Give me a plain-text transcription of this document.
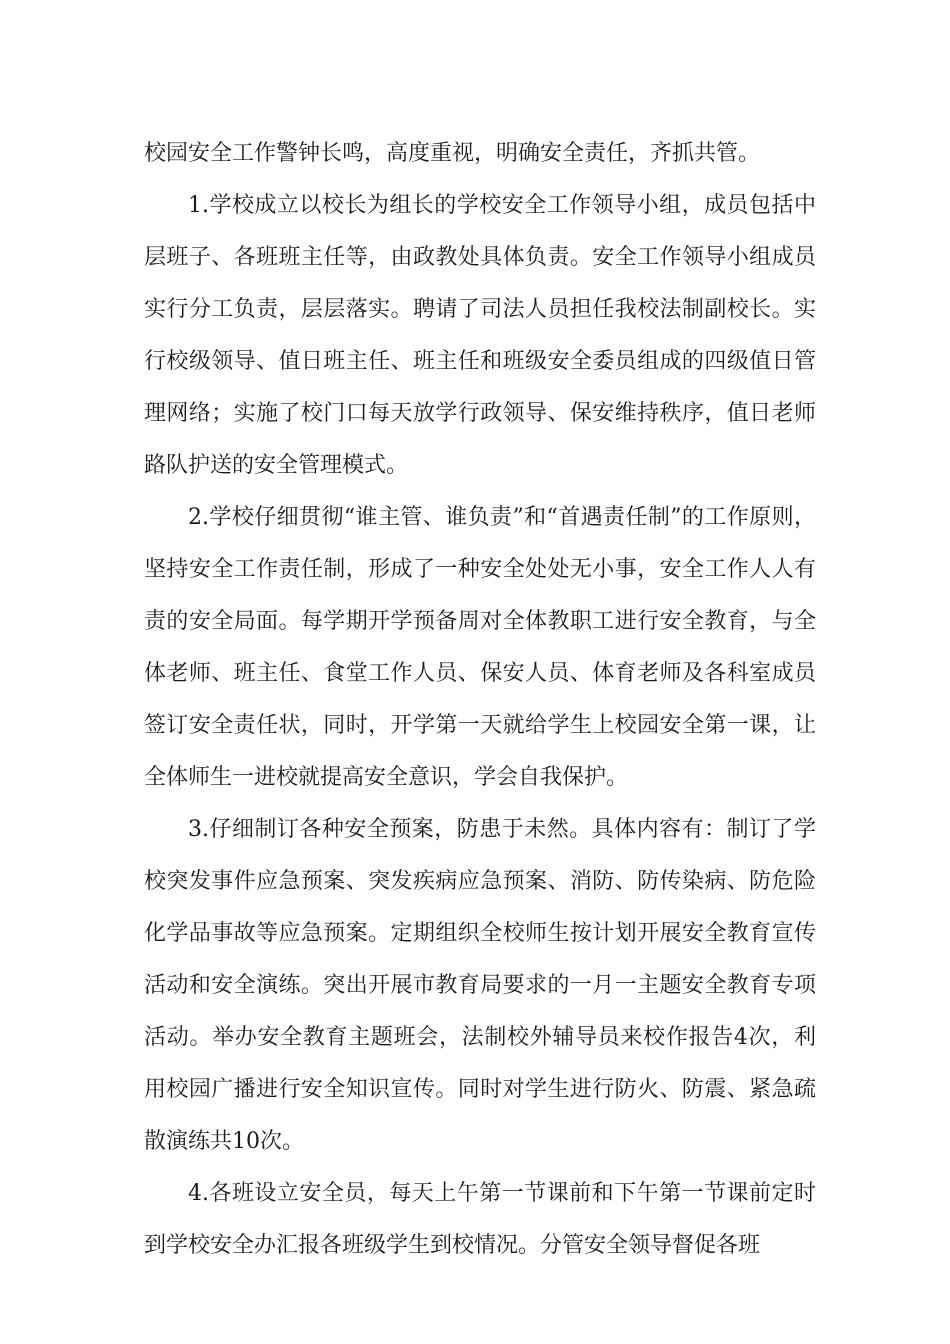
校园安全工作警钟长鸣，高度重视，明确安全责任，齐抓共管。

1.学校成立以校长为组长的学校安全工作领导小组，成员包括中层班子、各班班主任等，由政教处具体负责。安全工作领导小组成员实行分工负责，层层落实。聘请了司法人员担任我校法制副校长。实行校级领导、值日班主任、班主任和班级安全委员组成的四级值日管理网络；实施了校门口每天放学行政领导、保安维持秩序，值日老师路队护送的安全管理模式。

2.学校仔细贯彻“谁主管、谁负责”和“首遇责任制”的工作原则，坚持安全工作责任制，形成了一种安全处处无小事，安全工作人人有责的安全局面。每学期开学预备周对全体教职工进行安全教育，与全体老师、班主任、食堂工作人员、保安人员、体育老师及各科室成员签订安全责任状，同时，开学第一天就给学生上校园安全第一课，让全体师生一进校就提高安全意识，学会自我保护。

3.仔细制订各种安全预案，防患于未然。具体内容有：制订了学校突发事件应急预案、突发疾病应急预案、消防、防传染病、防危险化学品事故等应急预案。定期组织全校师生按计划开展安全教育宣传活动和安全演练。突出开展市教育局要求的一月一主题安全教育专项活动。举办安全教育主题班会，法制校外辅导员来校作报告4次，利用校园广播进行安全知识宣传。同时对学生进行防火、防震、紧急疏散演练共10次。

4.各班设立安全员，每天上午第一节课前和下午第一节课前定时到学校安全办汇报各班级学生到校情况。分管安全领导督促各班
